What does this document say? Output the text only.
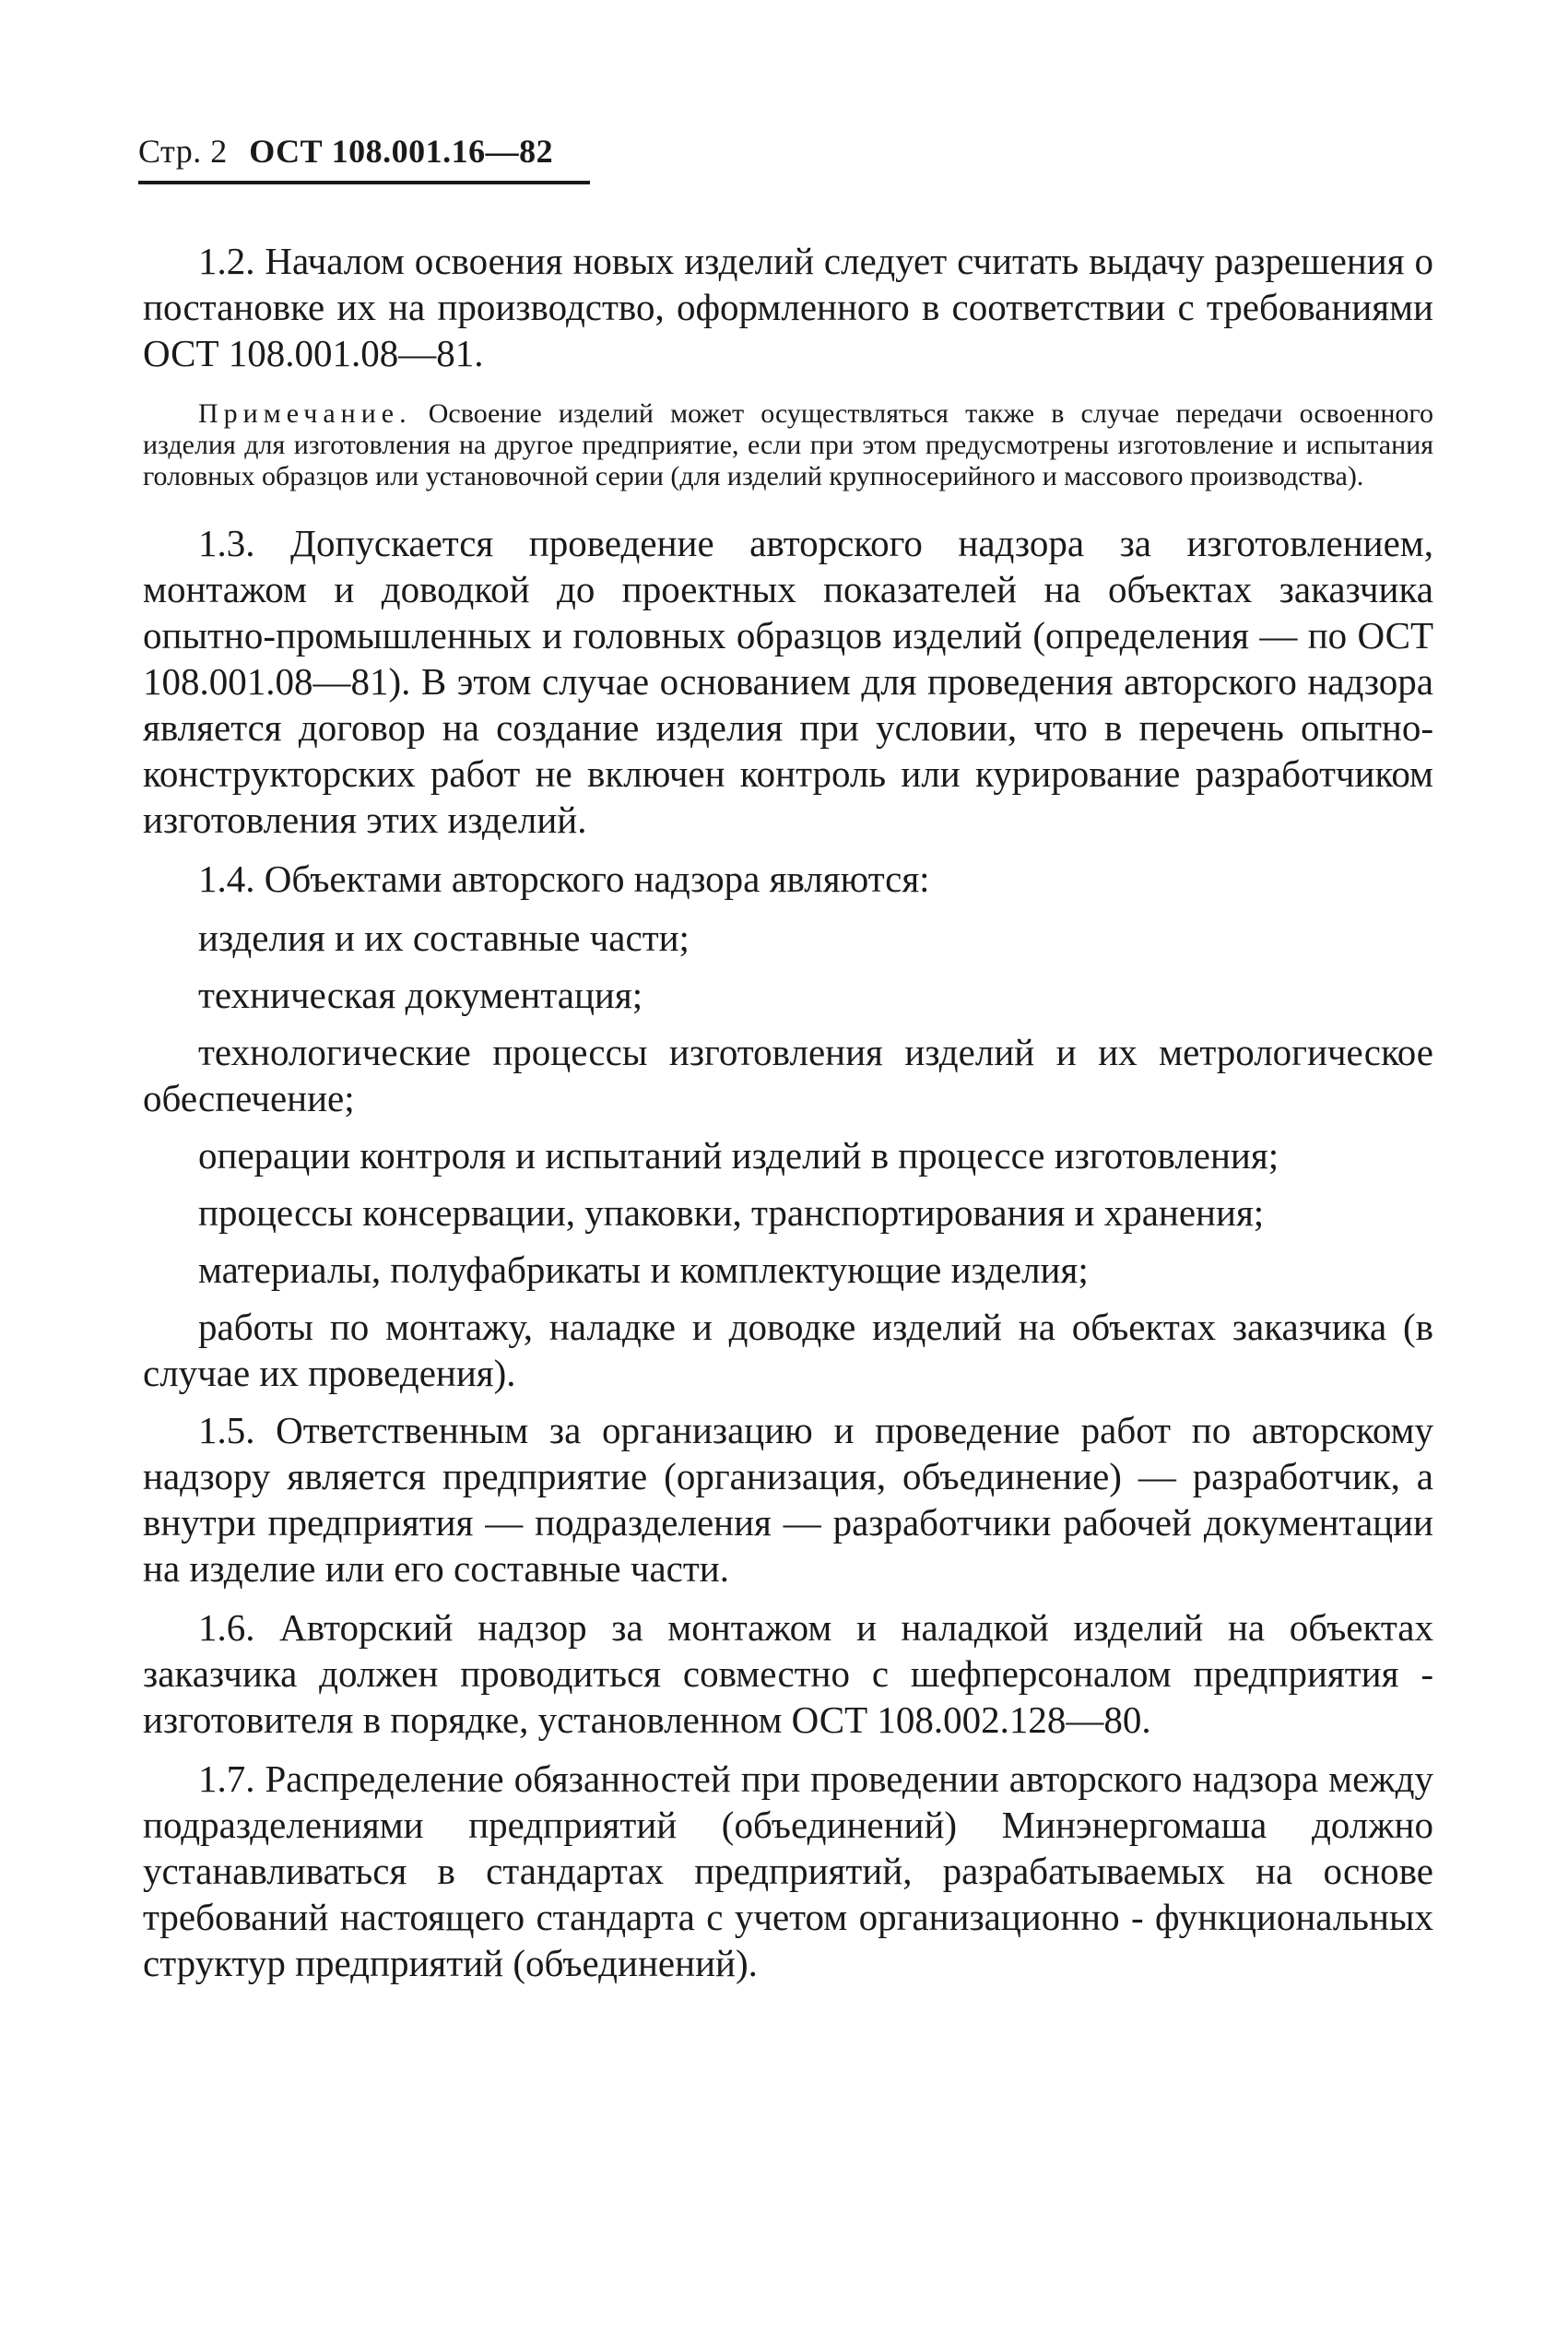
Стр. 2 ОСТ 108.001.16—82

1.2. Началом освоения новых изделий следует считать выдачу разрешения о постановке их на производство, оформленного в соответствии с требованиями ОСТ 108.001.08—81.

Примечание. Освоение изделий может осуществляться также в случае передачи освоенного изделия для изготовления на другое предприятие, если при этом предусмотрены изготовление и испытания головных образцов или установочной серии (для изделий крупносерийного и массового производства).

1.3. Допускается проведение авторского надзора за изготовлением, монтажом и доводкой до проектных показателей на объектах заказчика опытно-промышленных и головных образцов изделий (определения — по ОСТ 108.001.08—81). В этом случае основанием для проведения авторского надзора является договор на создание изделия при условии, что в перечень опытно-конструкторских работ не включен контроль или курирование разработчиком изготовления этих изделий.

1.4. Объектами авторского надзора являются:

изделия и их составные части;

техническая документация;

технологические процессы изготовления изделий и их метрологическое обеспечение;

операции контроля и испытаний изделий в процессе изготовления;

процессы консервации, упаковки, транспортирования и хранения;

материалы, полуфабрикаты и комплектующие изделия;

работы по монтажу, наладке и доводке изделий на объектах заказчика (в случае их проведения).

1.5. Ответственным за организацию и проведение работ по авторскому надзору является предприятие (организация, объединение) — разработчик, а внутри предприятия — подразделения — разработчики рабочей документации на изделие или его составные части.

1.6. Авторский надзор за монтажом и наладкой изделий на объектах заказчика должен проводиться совместно с шефперсоналом предприятия - изготовителя в порядке, установленном ОСТ 108.002.128—80.

1.7. Распределение обязанностей при проведении авторского надзора между подразделениями предприятий (объединений) Минэнергомаша должно устанавливаться в стандартах предприятий, разрабатываемых на основе требований настоящего стандарта с учетом организационно - функциональных структур предприятий (объединений).
